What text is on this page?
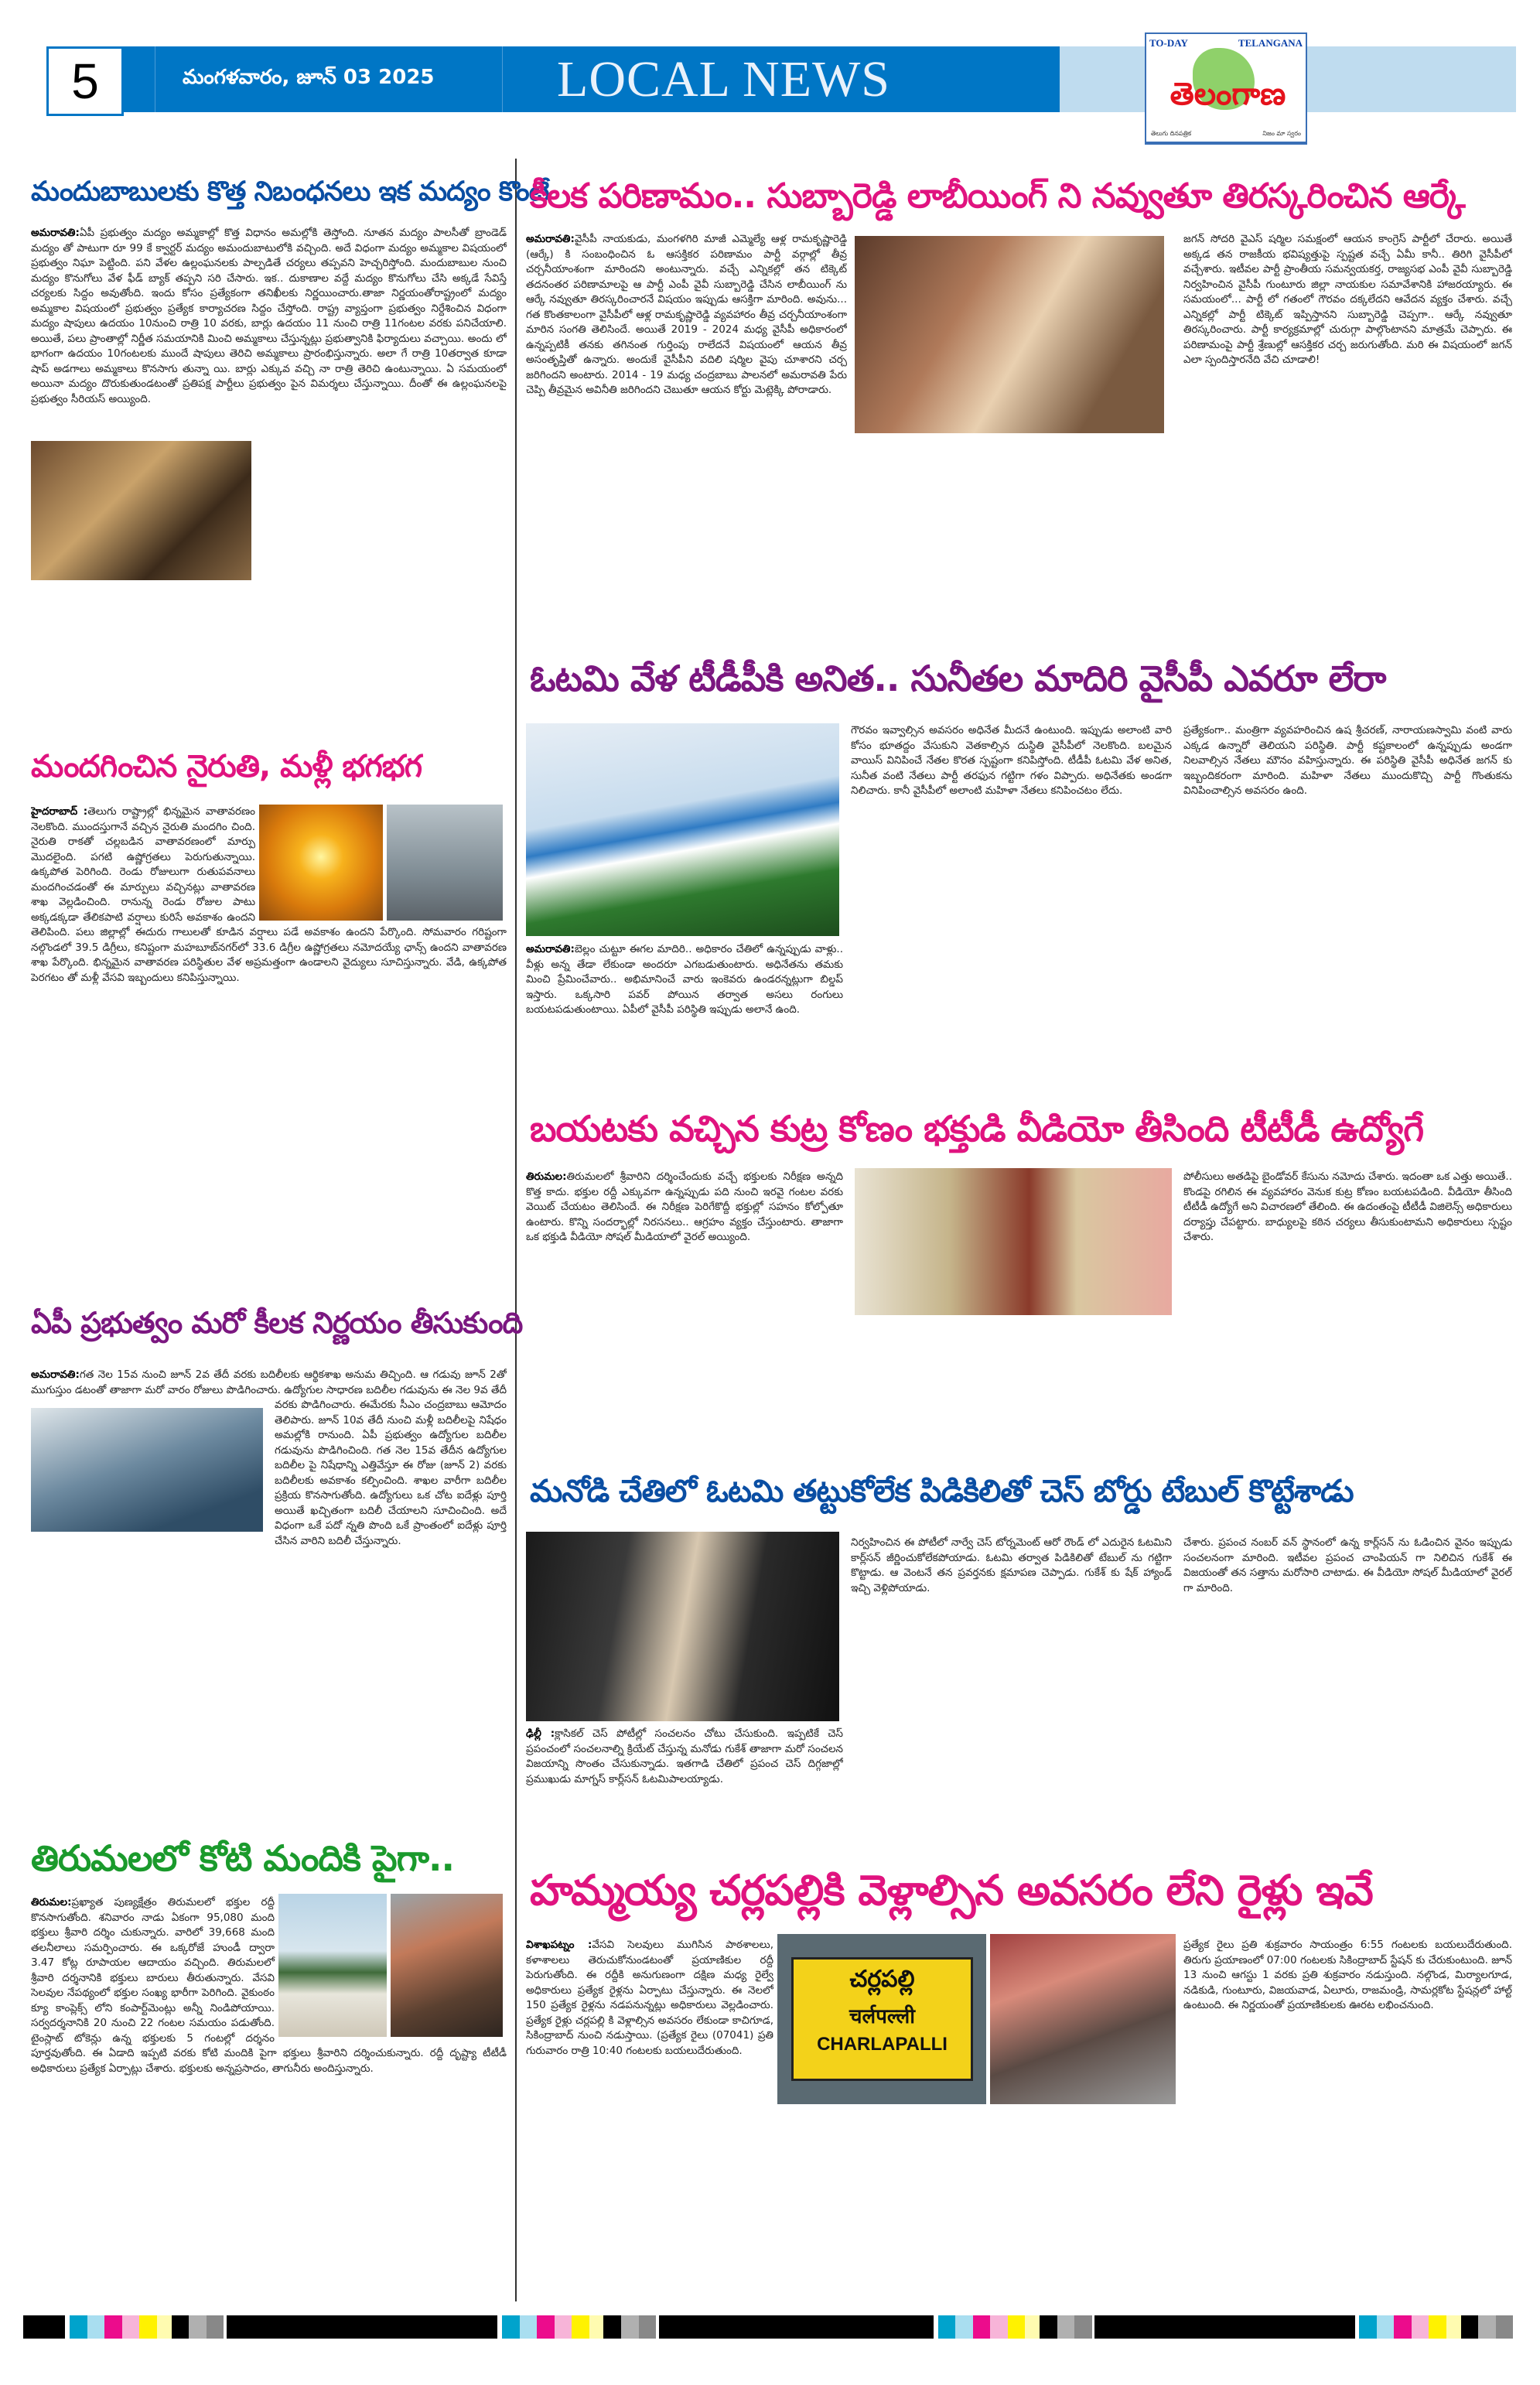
5	మంగళవారం, జూన్ 03 2025	LOCAL NEWS
TO-DAY	TELANGANA
తెలంగాణ
తెలుగు దినపత్రిక	నిజం మా స్వరం
మందుబాబులకు కొత్త నిబంధనలు ఇక మద్యం కొంటే
అమరావతి:ఏపీ ప్రభుత్వం మద్యం అమ్మకాల్లో కొత్త విధానం అమల్లోకి తెస్తోంది. నూతన మద్యం పాలసీతో బ్రాండెడ్ మద్యం తో పాటుగా రూ 99 కే క్వార్టర్ మద్యం అమందుబాటులోకి వచ్చింది. అదే విధంగా మద్యం అమ్మకాల విషయంలో ప్రభుత్వం నిఘా పెట్టింది. పని వేళల ఉల్లంఘనలకు పాల్పడితే చర్యలు తప్పవని హెచ్చరిస్తోంది. మందుబాబుల నుంచి మద్యం కొనుగోలు వేళ ఫీడ్ బ్యాక్ తప్పని సరి చేసారు. ఇక.. దుకాణాల వద్దే మద్యం కొనుగోలు చేసి అక్కడే సేవిస్తే చర్యలకు సిద్దం అవుతోంది. ఇందు కోసం ప్రత్యేకంగా తనిఖీలకు నిర్ణయించారు.తాజా నిర్ణయంతోరాష్ట్రంలో మద్యం అమ్మకాల విషయంలో ప్రభుత్వం ప్రత్యేక కార్యాచరణ సిద్దం చేస్తోంది. రాష్ట్ర వ్యాప్తంగా ప్రభుత్వం నిర్దేశించిన విధంగా మద్యం షాపులు ఉదయం 10నుంచి రాత్రి 10 వరకు, బార్లు ఉదయం 11 నుంచి రాత్రి 11గంటల వరకు పనిచేయాలి. అయితే, పలు ప్రాంతాల్లో నిర్ణీత సమయానికి మించి అమ్మకాలు చేస్తున్నట్లు ప్రభుత్వానికి ఫిర్యాదులు వచ్చాయి. అందు లో భాగంగా ఉదయం 10గంటలకు ముందే షాపులు తెరిచి అమ్మకాలు ప్రారంభిస్తున్నారు. అలా గే రాత్రి 10తర్వాత కూడా షాప్ అడగాలు అమ్మకాలు కొనసాగు తున్నా యి. బార్లు ఎక్కువ వచ్చి నా రాత్రి తెరిచి ఉంటున్నాయి. ఏ సమయంలో అయినా మద్యం దొరుకుతుండటంతో ప్రతిపక్ష పార్టీలు ప్రభుత్వం పైన విమర్శలు చేస్తున్నాయి. దీంతో ఈ ఉల్లంఘనలపై ప్రభుత్వం సీరియస్ అయ్యింది.
మందగించిన నైరుతి, మళ్లీ భగభగ
హైదరాబాద్ :తెలుగు రాష్ట్రాల్లో భిన్నమైన వాతావరణం నెలకొంది. ముందస్తుగానే వచ్చిన నైరుతి మందగిం చింది. నైరుతి రాకతో చల్లబడిన వాతావరణంలో మార్పు మొదలైంది. పగటి ఉష్ణోగ్రతలు పెరుగుతున్నాయి. ఉక్కపోత పెరిగింది. రెండు రోజులుగా రుతుపవనాలు మందగించడంతో ఈ మార్పులు వచ్చినట్లు వాతావరణ శాఖ వెల్లడించింది. రానున్న రెండు రోజుల పాటు అక్కడక్కడా తేలికపాటి వర్షాలు కురిసే అవకాశం ఉందని తెలిపింది. పలు జిల్లాల్లో ఈదురు గాలులతో కూడిన వర్షాలు పడే అవకాశం ఉందని పేర్కొంది. సోమవారం గరిష్టంగా నల్గొండలో 39.5 డిగ్రీలు, కనిష్టంగా మహబూబ్‌నగర్‌లో 33.6 డిగ్రీల ఉష్ణోగ్రతలు నమోదయ్యే ఛాన్స్ ఉందని వాతావరణ శాఖ పేర్కొంది. భిన్నమైన వాతావరణ పరిస్థితుల వేళ అప్రమత్తంగా ఉండాలని వైద్యులు సూచిస్తున్నారు. వేడి, ఉక్కపోత పెరగటం తో మళ్లీ వేసవి ఇబ్బందులు కనిపిస్తున్నాయి.
ఏపీ ప్రభుత్వం మరో కీలక నిర్ణయం తీసుకుంది
అమరావతి:గత నెల 15వ నుంచి జూన్ 2వ తేదీ వరకు బదిలీలకు ఆర్థికశాఖ అనుమ తిచ్చింది. ఆ గడువు జూన్ 2తో ముగుస్తుం డటంతో తాజాగా మరో వారం రోజులు పొడిగించారు. ఉద్యోగుల సాధారణ బదిలీల గడువును ఈ నెల 9వ తేదీ వరకు పొడిగించారు. ఈమేరకు సీఎం చంద్రబాబు ఆమోదం తెలిపారు. జూన్ 10వ తేదీ నుంచి మళ్లీ బదిలీలపై నిషేధం అమల్లోకి రానుంది. ఏపీ ప్రభుత్వం ఉద్యోగుల బదిలీల గడువును పొడిగించింది. గత నెల 15వ తేదీన ఉద్యోగుల బదిలీల పై నిషేధాన్ని ఎత్తివేస్తూ ఈ రోజు (జూన్ 2) వరకు బదిలీలకు అవకాశం కల్పించింది. శాఖల వారీగా బదిలీల ప్రక్రియ కొనసాగుతోంది. ఉద్యోగులు ఒక చోట ఐదేళ్లు పూర్తి అయితే ఖచ్చితంగా బదిలీ చేయాలని సూచించింది. అదే విధంగా ఒకే పదో న్నతి పొంది ఒకే ప్రాంతంలో ఐదేళ్లు పూర్తి చేసిన వారిని బదిలీ చేస్తున్నారు.
తిరుమలలో కోటి మందికి పైగా..
తిరుమల:ప్రఖ్యాత పుణ్యక్షేత్రం తిరుమలలో భక్తుల రద్దీ కొనసాగుతోంది. శనివారం నాడు ఏకంగా 95,080 మంది భక్తులు శ్రీవారి దర్శిం చుకున్నారు. వారిలో 39,668 మంది తలనీలాలు సమర్పించారు. ఈ ఒక్కరోజే హుండీ ద్వారా 3.47 కోట్ల రూపాయల ఆదాయం వచ్చింది. తిరుమలలో శ్రీవారి దర్శనానికి భక్తులు బారులు తీరుతున్నారు. వేసవి సెలవుల నేపథ్యంలో భక్తుల సంఖ్య భారీగా పెరిగింది. వైకుంఠం క్యూ కాంప్లెక్స్ లోని కంపార్ట్‌మెంట్లు అన్నీ నిండిపోయాయి. సర్వదర్శనానికి 20 నుంచి 22 గంటల సమయం పడుతోంది. టైంస్లాట్ టోకెన్లు ఉన్న భక్తులకు 5 గంటల్లో దర్శనం పూర్తవుతోంది. ఈ ఏడాది ఇప్పటి వరకు కోటి మందికి పైగా భక్తులు శ్రీవారిని దర్శించుకున్నారు. రద్దీ దృష్ట్యా టీటీడీ అధికారులు ప్రత్యేక ఏర్పాట్లు చేశారు. భక్తులకు అన్నప్రసాదం, తాగునీరు అందిస్తున్నారు.
కీలక పరిణామం.. సుబ్బారెడ్డి లాబీయింగ్ ని నవ్వుతూ తిరస్కరించిన ఆర్కే
అమరావతి:వైసీపీ నాయకుడు, మంగళగిరి మాజీ ఎమ్మెల్యే ఆళ్ల రామకృష్ణారెడ్డి (ఆర్కే) కి సంబంధించిన ఓ ఆసక్తికర పరిణామం పార్టీ వర్గాల్లో తీవ్ర చర్చనీయాంశంగా మారిందని అంటున్నారు. వచ్చే ఎన్నికల్లో తన టిక్కెట్ తదనంతర పరిణామాలపై ఆ పార్టీ ఎంపీ వైవీ సుబ్బారెడ్డి చేసిన లాబీయింగ్ ను ఆర్కే నవ్వుతూ తిరస్కరించారనే విషయం ఇప్పుడు ఆసక్తిగా మారింది. అవును... గత కొంతకాలంగా వైసీపీలో ఆళ్ల రామకృష్ణారెడ్డి వ్యవహారం తీవ్ర చర్చనీయాంశంగా మారిన సంగతి తెలిసిందే. అయితే 2019 - 2024 మధ్య వైసీపీ అధికారంలో ఉన్నప్పటికీ తనకు తగినంత గుర్తింపు రాలేదనే విషయంలో ఆయన తీవ్ర అసంతృప్తితో ఉన్నారు. అందుకే వైసీపీని వదిలి షర్మిల వైపు చూశారని చర్చ జరిగిందని అంటారు. 2014 - 19 మధ్య చంద్రబాబు పాలనలో అమరావతి పేరు చెప్పి తీవ్రమైన అవినీతి జరిగిందని చెబుతూ ఆయన కోర్టు మెట్లెక్కి పోరాడారు.
జగన్ సోదరి వైఎస్ షర్మిల సమక్షంలో ఆయన కాంగ్రెస్ పార్టీలో చేరారు. అయితే అక్కడ తన రాజకీయ భవిష్యత్తుపై స్పష్టత వచ్చే ఏమీ కానీ.. తిరిగి వైసీపీలో వచ్చేశారు. ఇటీవల పార్టీ ప్రాంతీయ సమన్వయకర్త, రాజ్యసభ ఎంపీ వైవీ సుబ్బారెడ్డి నిర్వహించిన వైసీపీ గుంటూరు జిల్లా నాయకుల సమావేశానికి హాజరయ్యారు. ఈ సమయంలో... పార్టీ లో గతంలో గౌరవం దక్కలేదని ఆవేదన వ్యక్తం చేశారు. వచ్చే ఎన్నికల్లో పార్టీ టిక్కెట్ ఇప్పిస్తానని సుబ్బారెడ్డి చెప్పగా.. ఆర్కే నవ్వుతూ తిరస్కరించారు. పార్టీ కార్యక్రమాల్లో చురుగ్గా పాల్గొంటానని మాత్రమే చెప్పారు. ఈ పరిణామంపై పార్టీ శ్రేణుల్లో ఆసక్తికర చర్చ జరుగుతోంది. మరి ఈ విషయంలో జగన్ ఎలా స్పందిస్తారనేది వేచి చూడాలి!
ఓటమి వేళ టీడీపీకి అనిత.. సునీతల మాదిరి వైసీపీ ఎవరూ లేరా
అమరావతి:బెల్లం చుట్టూ ఈగల మాదిరి.. అధికారం చేతిలో ఉన్నప్పుడు వాళ్లు.. వీళ్లు అన్న తేడా లేకుండా అందరూ ఎగబడుతుంటారు. అధినేతను తమకు మించి ప్రేమించేవారు.. అభిమానించే వారు ఇంకెవరు ఉండరన్నట్లుగా బిల్డప్ ఇస్తారు. ఒక్కసారి పవర్ పోయిన తర్వాత అసలు రంగులు బయటపడుతుంటాయి. ఏపీలో వైసీపీ పరిస్థితి ఇప్పుడు అలానే ఉంది.
గౌరవం ఇవ్వాల్సిన అవసరం అధినేత మీదనే ఉంటుంది. ఇప్పుడు అలాంటి వారి కోసం భూతద్దం వేసుకుని వెతకాల్సిన దుస్థితి వైసీపీలో నెలకొంది. బలమైన వాయిస్ వినిపించే నేతల కొరత స్పష్టంగా కనిపిస్తోంది. టీడీపీ ఓటమి వేళ అనిత, సునీత వంటి నేతలు పార్టీ తరఫున గట్టిగా గళం విప్పారు. అధినేతకు అండగా నిలిచారు. కానీ వైసీపీలో అలాంటి మహిళా నేతలు కనిపించటం లేదు.
ప్రత్యేకంగా.. మంత్రిగా వ్యవహరించిన ఉష శ్రీచరణ్, నారాయణస్వామి వంటి వారు ఎక్కడ ఉన్నారో తెలియని పరిస్థితి. పార్టీ కష్టకాలంలో ఉన్నప్పుడు అండగా నిలవాల్సిన నేతలు మౌనం వహిస్తున్నారు. ఈ పరిస్థితి వైసీపీ అధినేత జగన్ కు ఇబ్బందికరంగా మారింది. మహిళా నేతలు ముందుకొచ్చి పార్టీ గొంతుకను వినిపించాల్సిన అవసరం ఉంది.
బయటకు వచ్చిన కుట్ర కోణం భక్తుడి వీడియో తీసింది టీటీడీ ఉద్యోగే
తిరుమల:తిరుమలలో శ్రీవారిని దర్శించేందుకు వచ్చే భక్తులకు నిరీక్షణ అన్నది కొత్త కాదు. భక్తుల రద్దీ ఎక్కువగా ఉన్నప్పుడు పది నుంచి ఇరవై గంటల వరకు వెయిట్ చేయటం తెలిసిందే. ఈ నిరీక్షణ పెరిగేకొద్దీ భక్తుల్లో సహనం కోల్పోతూ ఉంటారు. కొన్ని సందర్భాల్లో నిరసనలు.. ఆగ్రహం వ్యక్తం చేస్తుంటారు. తాజాగా ఒక భక్తుడి వీడియో సోషల్ మీడియాలో వైరల్ అయ్యింది.
పోలీసులు అతడిపై బైండోవర్ కేసును నమోదు చేశారు. ఇదంతా ఒక ఎత్తు అయితే.. కొండపై రగిలిన ఈ వ్యవహారం వెనుక కుట్ర కోణం బయటపడింది. వీడియో తీసింది టీటీడీ ఉద్యోగే అని విచారణలో తేలింది. ఈ ఉదంతంపై టీటీడీ విజిలెన్స్ అధికారులు దర్యాప్తు చేపట్టారు. బాధ్యులపై కఠిన చర్యలు తీసుకుంటామని అధికారులు స్పష్టం చేశారు.
మనోడి చేతిలో ఓటమి తట్టుకోలేక పిడికిలితో చెస్ బోర్డు టేబుల్ కొట్టేశాడు
ఢిల్లీ :క్లాసికల్ చెస్ పోటీల్లో సంచలనం చోటు చేసుకుంది. ఇప్పటికే చెస్ ప్రపంచంలో సంచలనాల్ని క్రియేట్ చేస్తున్న మనోడు గుకేశ్ తాజాగా మరో సంచలన విజయాన్ని సొంతం చేసుకున్నాడు. ఇతగాడి చేతిలో ప్రపంచ చెస్ దిగ్గజాల్లో ప్రముఖుడు మాగ్నస్ కార్ల్‌సన్ ఓటమిపాలయ్యాడు.
నిర్వహించిన ఈ పోటీలో నార్వే చెస్ టోర్నమెంట్ ఆరో రౌండ్ లో ఎదురైన ఓటమిని కార్ల్‌సన్ జీర్ణించుకోలేకపోయాడు. ఓటమి తర్వాత పిడికిలితో టేబుల్ ను గట్టిగా కొట్టాడు. ఆ వెంటనే తన ప్రవర్తనకు క్షమాపణ చెప్పాడు. గుకేశ్ కు షేక్ హ్యాండ్ ఇచ్చి వెళ్లిపోయాడు.
చేశారు. ప్రపంచ నంబర్ వన్ స్థానంలో ఉన్న కార్ల్‌సన్ ను ఓడించిన వైనం ఇప్పుడు సంచలనంగా మారింది. ఇటీవల ప్రపంచ చాంపియన్ గా నిలిచిన గుకేశ్ ఈ విజయంతో తన సత్తాను మరోసారి చాటాడు. ఈ వీడియో సోషల్ మీడియాలో వైరల్ గా మారింది.
హమ్మయ్య చర్లపల్లికి వెళ్లాల్సిన అవసరం లేని రైళ్లు ఇవే
విశాఖపట్నం :వేసవి సెలవులు ముగిసిన పాఠశాలలు, కళాశాలలు తెరుచుకోనుండటంతో ప్రయాణికుల రద్దీ పెరుగుతోంది. ఈ రద్దీకి అనుగుణంగా దక్షిణ మధ్య రైల్వే అధికారులు ప్రత్యేక రైళ్లను ఏర్పాటు చేస్తున్నారు. ఈ నెలలో 150 ప్రత్యేక రైళ్లను నడపనున్నట్లు అధికారులు వెల్లడించారు. ప్రత్యేక రైళ్లు చర్లపల్లి కి వెళ్లాల్సిన అవసరం లేకుండా కాచిగూడ, సికింద్రాబాద్ నుంచి నడుస్తాయి. (ప్రత్యేక రైలు (07041) ప్రతి గురువారం రాత్రి 10:40 గంటలకు బయలుదేరుతుంది.
చర్లపల్లి
चर्लपल्ली
CHARLAPALLI
ప్రత్యేక రైలు ప్రతి శుక్రవారం సాయంత్రం 6:55 గంటలకు బయలుదేరుతుంది. తిరుగు ప్రయాణంలో 07:00 గంటలకు సికింద్రాబాద్ స్టేషన్ కు చేరుకుంటుంది. జూన్ 13 నుంచి ఆగస్టు 1 వరకు ప్రతి శుక్రవారం నడుస్తుంది. నల్గొండ, మిర్యాలగూడ, నడికుడి, గుంటూరు, విజయవాడ, ఏలూరు, రాజమండ్రి, సామర్లకోట స్టేషన్లలో హాల్ట్ ఉంటుంది. ఈ నిర్ణయంతో ప్రయాణికులకు ఊరట లభించనుంది.
